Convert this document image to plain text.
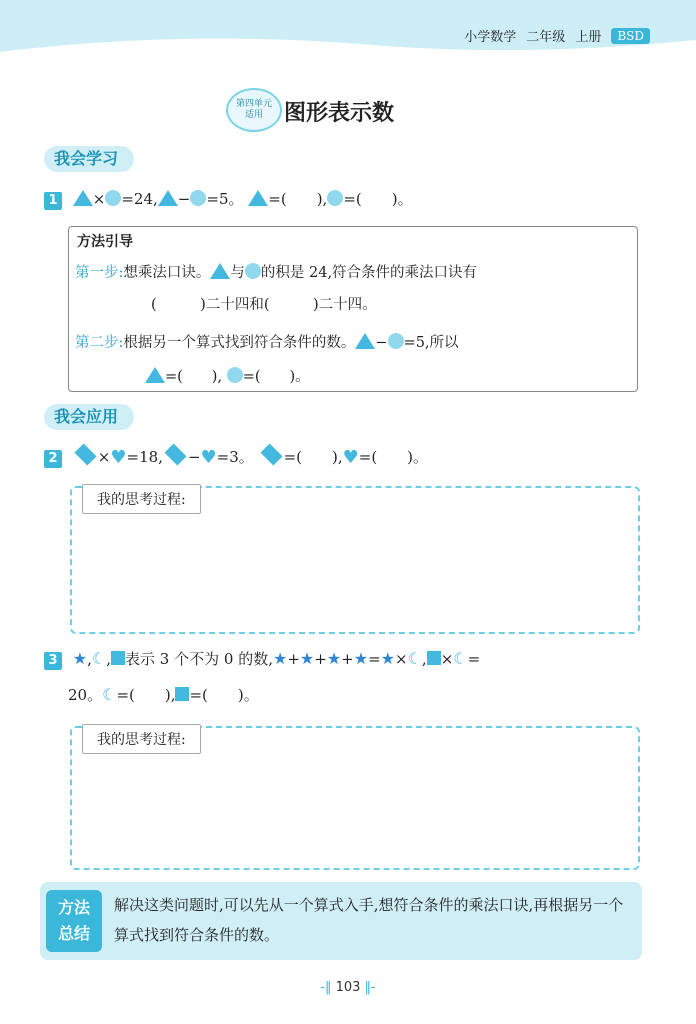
小学数学 二年级 上册	BSD
第四单元
适用 图形表示数
我会学习
1 × =24, − =5。 =(　　), =(　　)。
方法引导
第一步:想乘法口诀。 与 的积是 24,符合条件的乘法口诀有
(　　　)二十四和(　　　)二十四。
第二步:根据另一个算式找到符合条件的数。 − =5,所以
=(　　), =(　　)。
我会应用
2	×♥=18, −♥=3。 =(　　),♥=(　　)。
我的思考过程:
3 ★,☾, 表示 3 个不为 0 的数,★+★+★+★=★×☾, ×☾=
20。☾=(　　), =(　　)。
我的思考过程:
方法
总结
解决这类问题时,可以先从一个算式入手,想符合条件的乘法口诀,再根据另一个算式找到符合条件的数。
-‖ 103 ‖-
